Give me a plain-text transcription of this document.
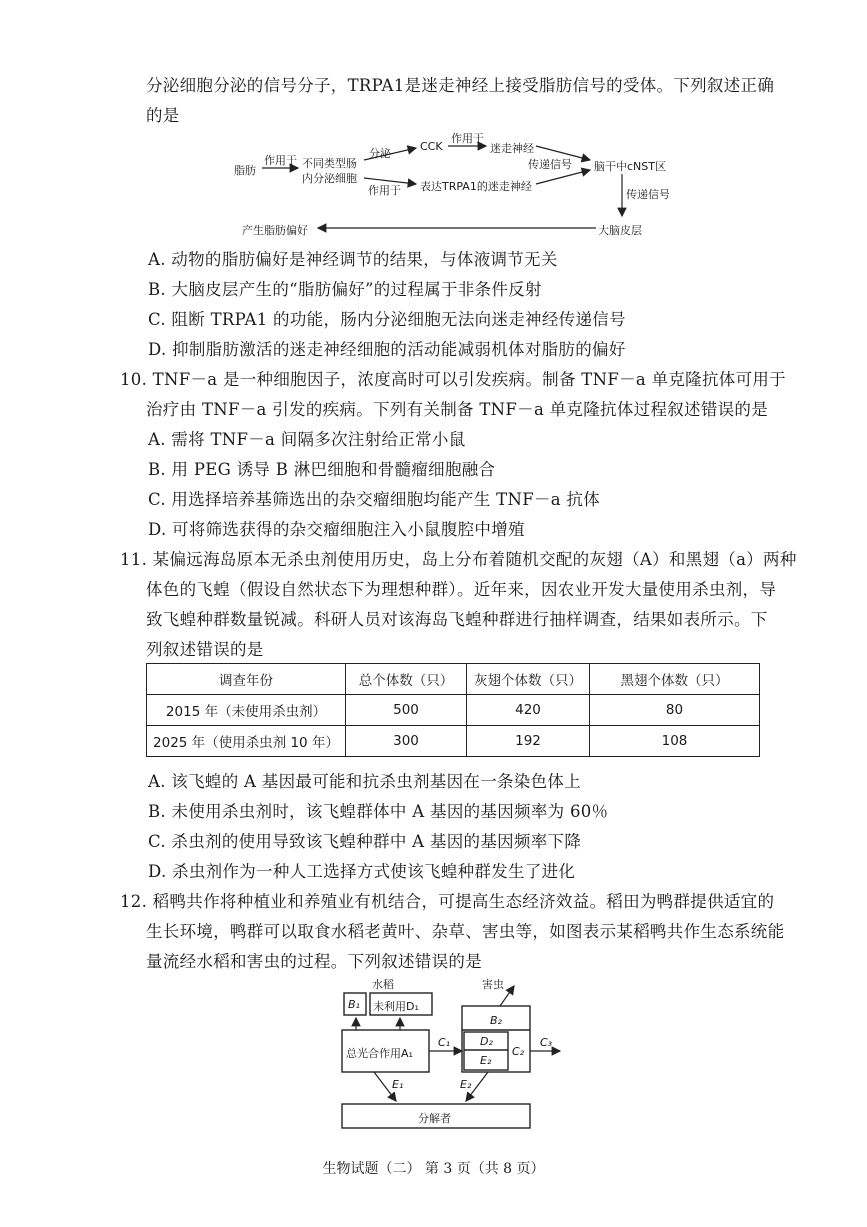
分泌细胞分泌的信号分子，TRPA1是迷走神经上接受脂肪信号的受体。下列叙述正确
的是
脂肪
作用于 不同类型肠
内分泌细胞
分泌
CCK
作用于
迷走神经
作用于 表达TRPA1的迷走神经
传递信号 脑干中cNST区
传递信号
大脑皮层
产生脂肪偏好
A. 动物的脂肪偏好是神经调节的结果，与体液调节无关
B. 大脑皮层产生的“脂肪偏好”的过程属于非条件反射
C. 阻断 TRPA1 的功能，肠内分泌细胞无法向迷走神经传递信号
D. 抑制脂肪激活的迷走神经细胞的活动能减弱机体对脂肪的偏好
10. TNF－a 是一种细胞因子，浓度高时可以引发疾病。制备 TNF－a 单克隆抗体可用于
治疗由 TNF－a 引发的疾病。下列有关制备 TNF－a 单克隆抗体过程叙述错误的是
A. 需将 TNF－a 间隔多次注射给正常小鼠
B. 用 PEG 诱导 B 淋巴细胞和骨髓瘤细胞融合
C. 用选择培养基筛选出的杂交瘤细胞均能产生 TNF－a 抗体
D. 可将筛选获得的杂交瘤细胞注入小鼠腹腔中增殖
11. 某偏远海岛原本无杀虫剂使用历史，岛上分布着随机交配的灰翅（A）和黑翅（a）两种
体色的飞蝗（假设自然状态下为理想种群）。近年来，因农业开发大量使用杀虫剂，导
致飞蝗种群数量锐减。科研人员对该海岛飞蝗种群进行抽样调查，结果如表所示。下
列叙述错误的是
调查年份	总个体数（只）	灰翅个体数（只）	黑翅个体数（只）
2015 年（未使用杀虫剂）	500	420	80
2025 年（使用杀虫剂 10 年）	300	192	108
A. 该飞蝗的 A 基因最可能和抗杀虫剂基因在一条染色体上
B. 未使用杀虫剂时，该飞蝗群体中 A 基因的基因频率为 60％
C. 杀虫剂的使用导致该飞蝗种群中 A 基因的基因频率下降
D. 杀虫剂作为一种人工选择方式使该飞蝗种群发生了进化
12. 稻鸭共作将种植业和养殖业有机结合，可提高生态经济效益。稻田为鸭群提供适宜的
生长环境，鸭群可以取食水稻老黄叶、杂草、害虫等，如图表示某稻鸭共作生态系统能
量流经水稻和害虫的过程。下列叙述错误的是
水稻	害虫
B₁ 未利用D₁
总光合作用A₁
C₁
B₂
D₂
E₂
C₂
C₃
E₁	E₂
分解者
生物试题（二） 第 3 页（共 8 页）
